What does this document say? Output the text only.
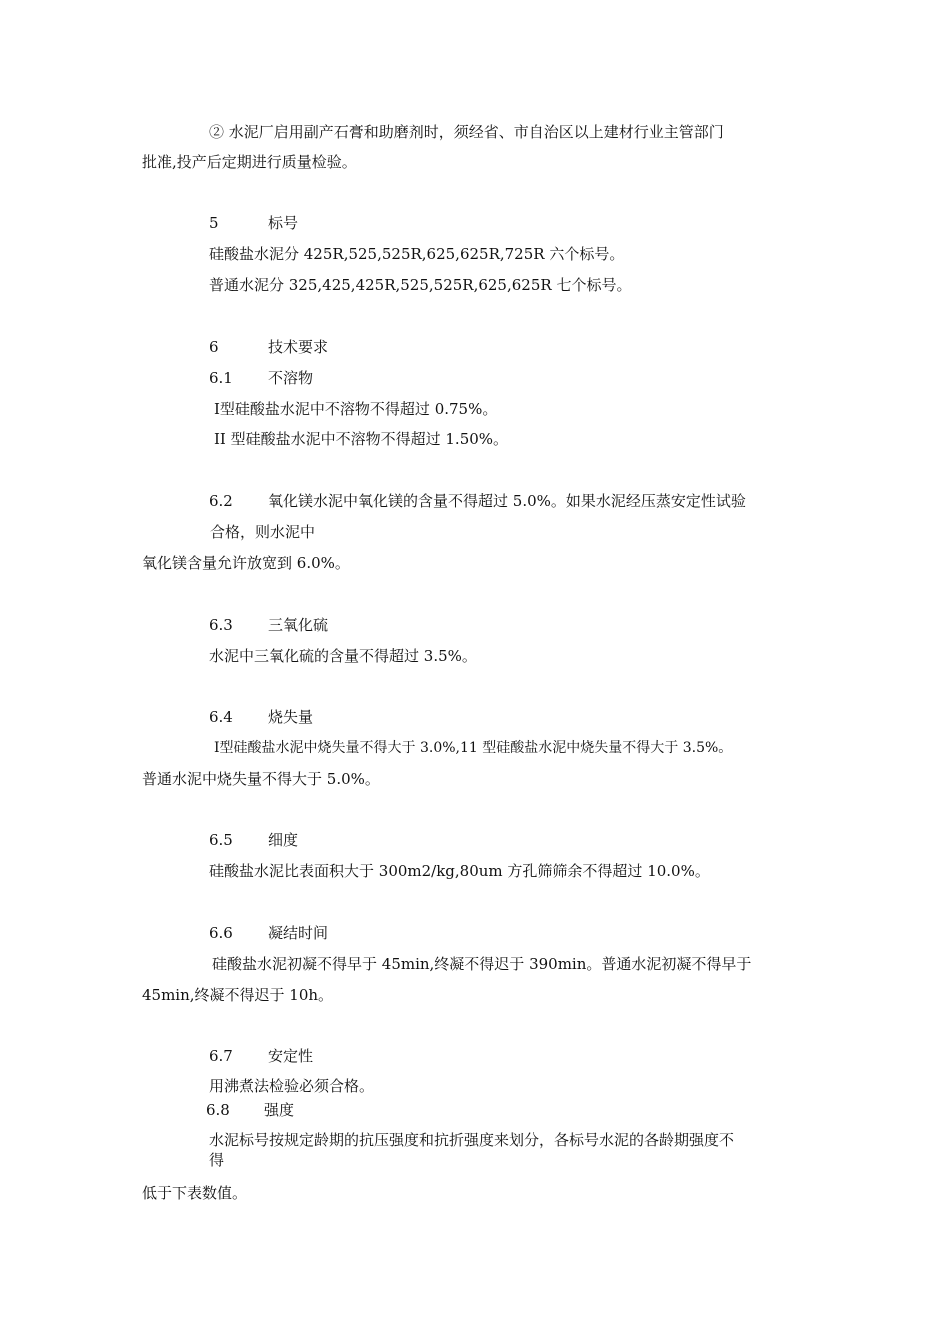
② 水泥厂启用副产石膏和助磨剂时，须经省、市自治区以上建材行业主管部门
批准,投产后定期进行质量检验。
5	标号
硅酸盐水泥分 425R,525,525R,625,625R,725R 六个标号。
普通水泥分 325,425,425R,525,525R,625,625R 七个标号。
6	技术要求
6.1 不溶物
Ⅰ型硅酸盐水泥中不溶物不得超过 0.75%。
II 型硅酸盐水泥中不溶物不得超过 1.50%。
6.2 氧化镁水泥中氧化镁的含量不得超过 5.0%。如果水泥经压蒸安定性试验
合格，则水泥中
氧化镁含量允许放宽到 6.0%。
6.3 三氧化硫
水泥中三氧化硫的含量不得超过 3.5%。
6.4 烧失量
Ⅰ型硅酸盐水泥中烧失量不得大于 3.0%,11 型硅酸盐水泥中烧失量不得大于 3.5%。
普通水泥中烧失量不得大于 5.0%。
6.5 细度
硅酸盐水泥比表面积大于 300m2/kg,80um 方孔筛筛余不得超过 10.0%。
6.6 凝结时间
硅酸盐水泥初凝不得早于 45min,终凝不得迟于 390min。普通水泥初凝不得早于
45min,终凝不得迟于 10h。
6.7 安定性
用沸煮法检验必须合格。
6.8 强度
水泥标号按规定龄期的抗压强度和抗折强度来划分，各标号水泥的各龄期强度不
得
低于下表数值。
